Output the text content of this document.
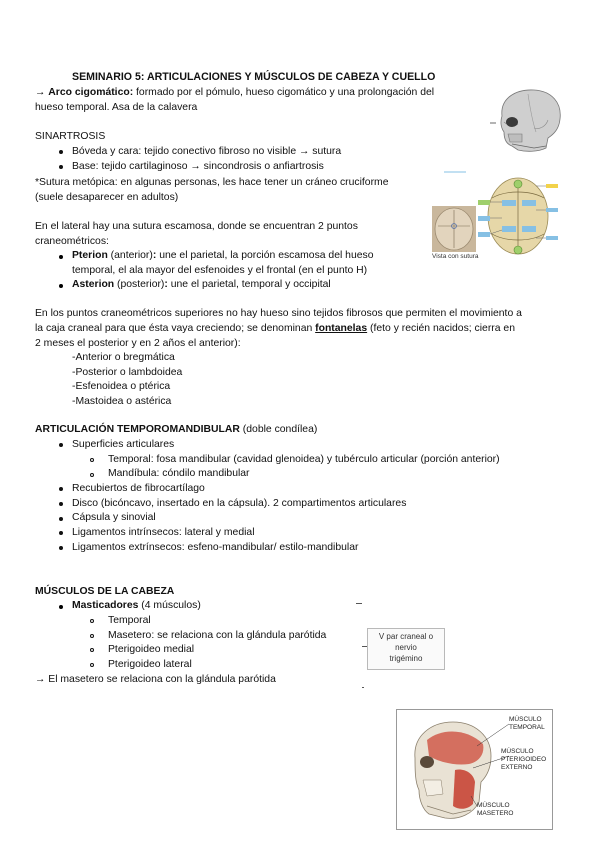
SEMINARIO 5: ARTICULACIONES Y MÚSCULOS DE CABEZA Y CUELLO
→ Arco cigomático: formado por el pómulo, hueso cigomático y una prolongación del
hueso temporal. Asa de la calavera
SINARTROSIS
Bóveda y cara: tejido conectivo fibroso no visible → sutura
Base: tejido cartilaginoso → sincondrosis o anfiartrosis
*Sutura metópica: en algunas personas, les hace tener un cráneo cruciforme
(suele desaparecer en adultos)
En el lateral hay una sutura escamosa, donde se encuentran 2 puntos
craneométricos:
Pterion (anterior): une el parietal, la porción escamosa del hueso
temporal, el ala mayor del esfenoides y el frontal (en el punto H)
Asterion (posterior): une el parietal, temporal y occipital
En los puntos craneométricos superiores no hay hueso sino tejidos fibrosos que permiten el movimiento a
la caja craneal para que ésta vaya creciendo; se denominan fontanelas (feto y recién nacidos; cierra en
2 meses el posterior y en 2 años el anterior):
-Anterior o bregmática
-Posterior o lambdoidea
-Esfenoidea o ptérica
-Mastoidea o astérica
ARTICULACIÓN TEMPOROMANDIBULAR (doble condílea)
Superficies articulares
Temporal: fosa mandibular (cavidad glenoidea) y tubérculo articular (porción anterior)
Mandíbula: cóndilo mandibular
Recubiertos de fibrocartílago
Disco (bicóncavo, insertado en la cápsula). 2 compartimentos articulares
Cápsula y sinovial
Ligamentos intrínsecos: lateral y medial
Ligamentos extrínsecos: esfeno-mandibular/ estilo-mandibular
MÚSCULOS DE LA CABEZA
Masticadores (4 músculos)
Temporal
Masetero: se relaciona con la glándula parótida
Pterigoideo medial
Pterigoideo lateral
→ El masetero se relaciona con la glándula parótida
V par craneal o
nervio
trigémino
Vista con sutura
MÚSCULO TEMPORAL
MÚSCULO PTERIGOIDEO EXTERNO
MÚSCULO MASETERO
